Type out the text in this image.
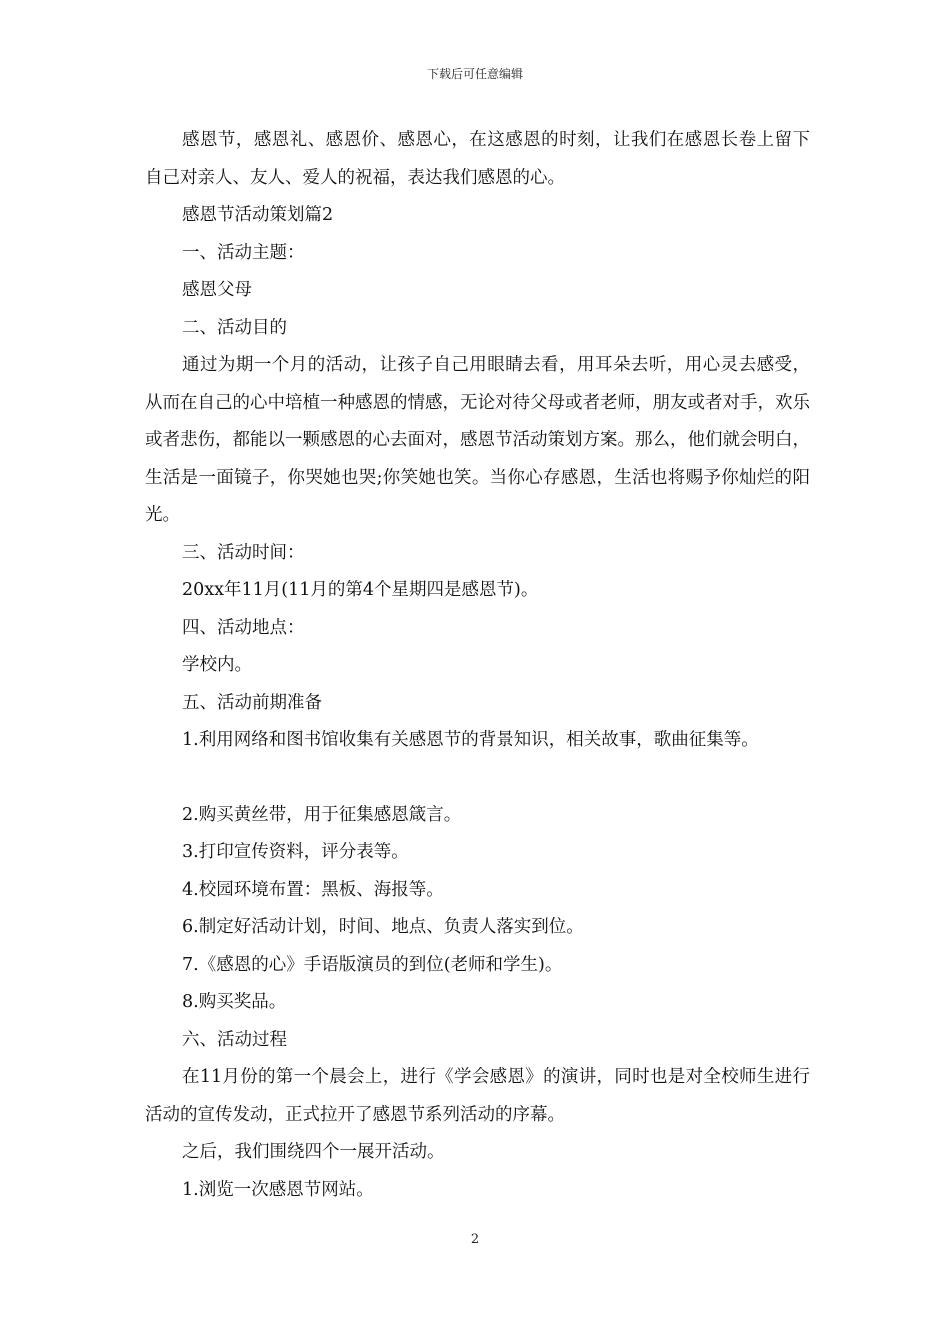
下载后可任意编辑

感恩节，感恩礼、感恩价、感恩心，在这感恩的时刻，让我们在感恩长卷上留下自己对亲人、友人、爱人的祝福，表达我们感恩的心。

感恩节活动策划篇2

一、活动主题：

感恩父母

二、活动目的

通过为期一个月的活动，让孩子自己用眼睛去看，用耳朵去听，用心灵去感受，从而在自己的心中培植一种感恩的情感，无论对待父母或者老师，朋友或者对手，欢乐或者悲伤，都能以一颗感恩的心去面对，感恩节活动策划方案。那么，他们就会明白，生活是一面镜子，你哭她也哭;你笑她也笑。当你心存感恩，生活也将赐予你灿烂的阳光。

三、活动时间：

20xx年11月(11月的第4个星期四是感恩节)。

四、活动地点：

学校内。

五、活动前期准备

1.利用网络和图书馆收集有关感恩节的背景知识，相关故事，歌曲征集等。

2.购买黄丝带，用于征集感恩箴言。

3.打印宣传资料，评分表等。

4.校园环境布置：黑板、海报等。

6.制定好活动计划，时间、地点、负责人落实到位。

7.《感恩的心》手语版演员的到位(老师和学生)。

8.购买奖品。

六、活动过程

在11月份的第一个晨会上，进行《学会感恩》的演讲，同时也是对全校师生进行活动的宣传发动，正式拉开了感恩节系列活动的序幕。

之后，我们围绕四个一展开活动。

1.浏览一次感恩节网站。

2
